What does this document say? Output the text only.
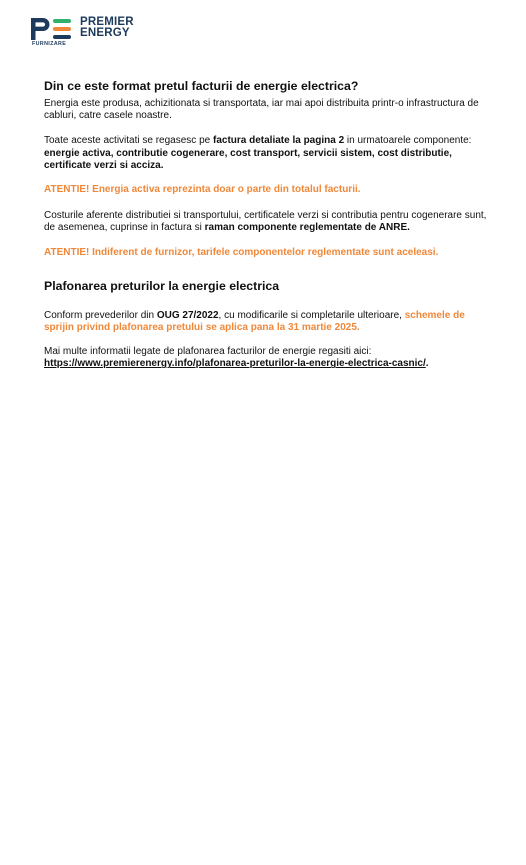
PREMIER
ENERGY
FURNIZARE
Din ce este format pretul facturii de energie electrica?

Energia este produsa, achizitionata si transportata, iar mai apoi distribuita printr-o infrastructura de cabluri, catre casele noastre.

Toate aceste activitati se regasesc pe factura detaliate la pagina 2 in urmatoarele componente: energie activa, contributie cogenerare, cost transport, servicii sistem, cost distributie, certificate verzi si acciza.

ATENTIE! Energia activa reprezinta doar o parte din totalul facturii.

Costurile aferente distributiei si transportului, certificatele verzi si contributia pentru cogenerare sunt, de asemenea, cuprinse in factura si raman componente reglementate de ANRE.

ATENTIE! Indiferent de furnizor, tarifele componentelor reglementate sunt aceleasi.

Plafonarea preturilor la energie electrica

Conform prevederilor din OUG 27/2022, cu modificarile si completarile ulterioare, schemele de sprijin privind plafonarea pretului se aplica pana la 31 martie 2025.

Mai multe informatii legate de plafonarea facturilor de energie regasiti aici:
https://www.premierenergy.info/plafonarea-preturilor-la-energie-electrica-casnic/.
